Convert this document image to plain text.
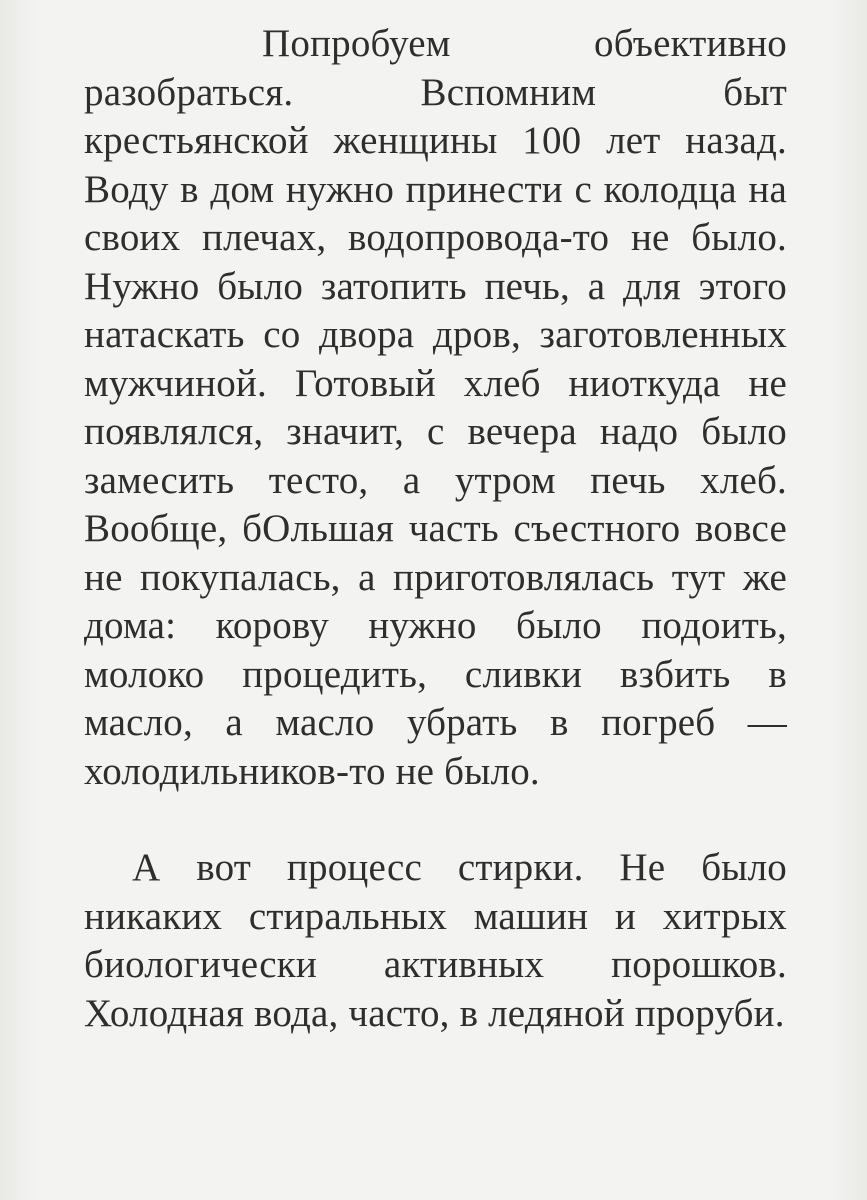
Попробуем объективно разобраться. Вспомним быт крестьянской женщины 100 лет назад. Воду в дом нужно принести с колодца на своих плечах, водопровода-то не было. Нужно было затопить печь, а для этого натаскать со двора дров, заготовленных мужчиной. Готовый хлеб ниоткуда не появлялся, значит, с вечера надо было замесить тесто, а утром печь хлеб. Вообще, бОльшая часть съестного вовсе не покупалась, а приготовлялась тут же дома: корову нужно было подоить, молоко процедить, сливки взбить в масло, а масло убрать в погреб — холодильников-то не было.

А вот процесс стирки. Не было никаких стиральных машин и хитрых биологически активных порошков. Холодная вода, часто, в ледяной проруби.
